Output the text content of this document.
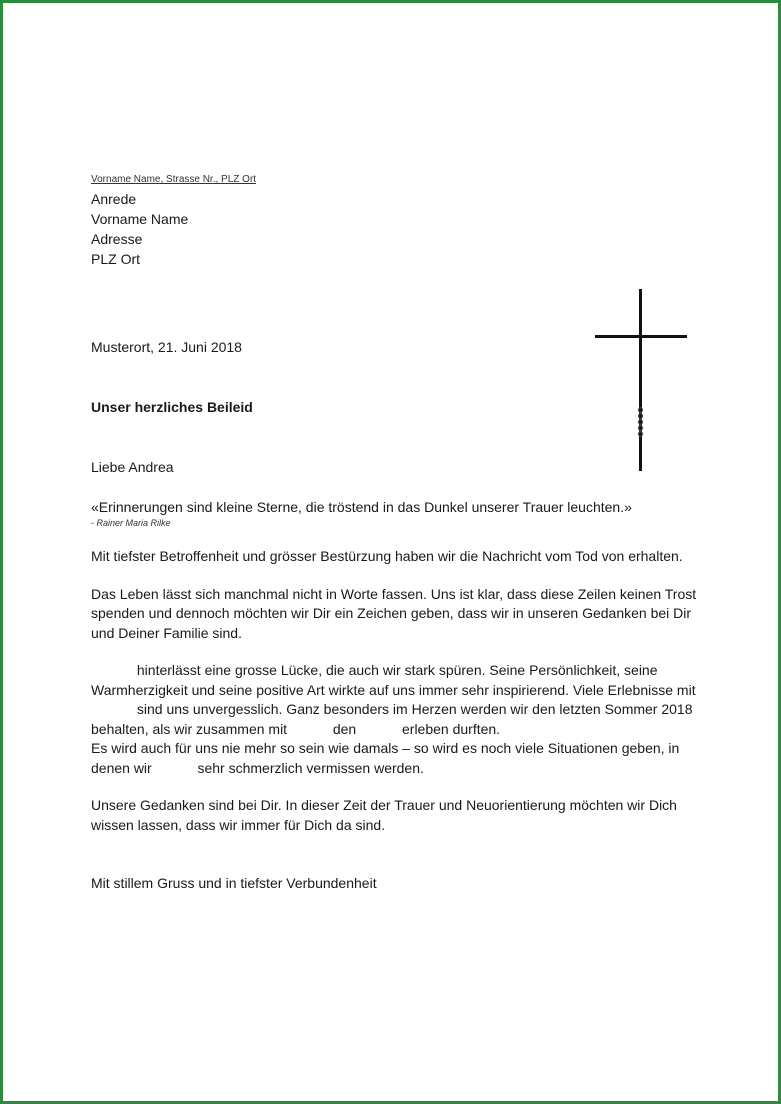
Vorname Name, Strasse Nr., PLZ Ort
Anrede
Vorname Name
Adresse
PLZ Ort
Musterort, 21. Juni 2018
Unser herzliches Beileid
Liebe Andrea
«Erinnerungen sind kleine Sterne, die tröstend in das Dunkel unserer Trauer leuchten.»
- Rainer Maria Rilke
Mit tiefster Betroffenheit und grösser Bestürzung haben wir die Nachricht vom Tod von erhalten.
Das Leben lässt sich manchmal nicht in Worte fassen. Uns ist klar, dass diese Zeilen keinen Trost spenden und dennoch möchten wir Dir ein Zeichen geben, dass wir in unseren Gedanken bei Dir und Deiner Familie sind.
hinterlässt eine grosse Lücke, die auch wir stark spüren. Seine Persönlichkeit, seine Warmherzigkeit und seine positive Art wirkte auf uns immer sehr inspirierend. Viele Erlebnisse mit  sind uns unvergesslich. Ganz besonders im Herzen werden wir den letzten Sommer 2018 behalten, als wir zusammen mit	den	erleben durften.
Es wird auch für uns nie mehr so sein wie damals – so wird es noch viele Situationen geben, in denen wir	sehr schmerzlich vermissen werden.
Unsere Gedanken sind bei Dir. In dieser Zeit der Trauer und Neuorientierung möchten wir Dich wissen lassen, dass wir immer für Dich da sind.
Mit stillem Gruss und in tiefster Verbundenheit
